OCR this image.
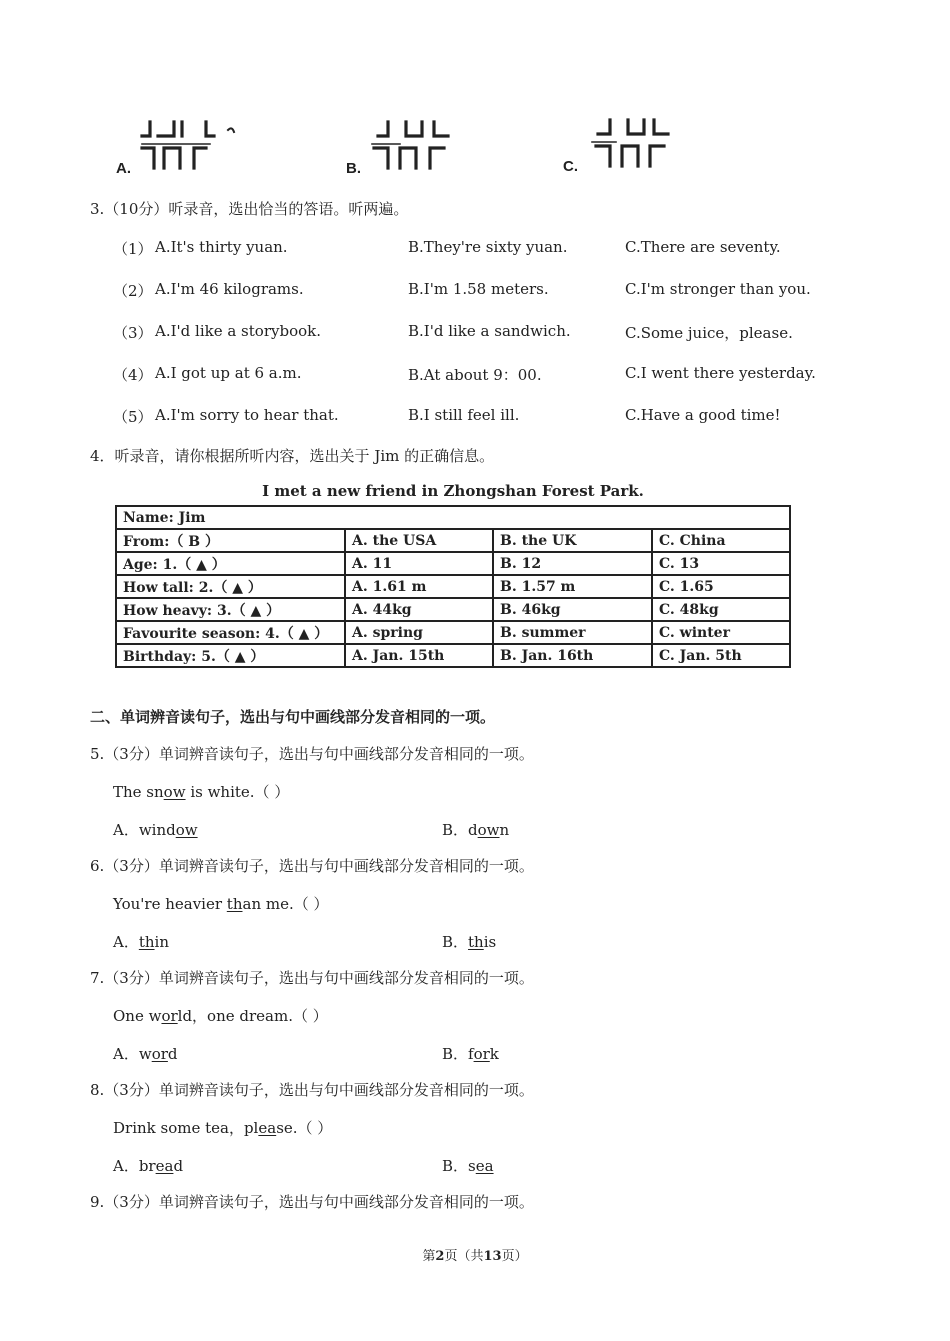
A.	B.	C.
3.（10分）听录音，选出恰当的答语。听两遍。
（1） A.It's thirty yuan.	B.They're sixty yuan.	C.There are seventy.
（2） A.I'm 46 kilograms.	B.I'm 1.58 meters.	C.I'm stronger than you.
（3） A.I'd like a storybook.	B.I'd like a sandwich.	C.Some juice，please.
（4） A.I got up at 6 a.m.	B.At about 9：00.	C.I went there yesterday.
（5） A.I'm sorry to hear that.	B.I still feel ill.	C.Have a good time!
4．听录音，请你根据所听内容，选出关于 Jim 的正确信息。
I met a new friend in Zhongshan Forest Park.
Name: Jim			
From:（ B ）	A. the USA	B. the UK	C. China
Age: 1.（ ▲ ）	A. 11	B. 12	C. 13
How tall: 2.（ ▲ ）	A. 1.61 m	B. 1.57 m	C. 1.65
How heavy: 3.（ ▲ ）	A. 44kg	B. 46kg	C. 48kg
Favourite season: 4.（ ▲ ）	A. spring	B. summer	C. winter
Birthday: 5.（ ▲ ）	A. Jan. 15th	B. Jan. 16th	C. Jan. 5th
二、单词辨音读句子，选出与句中画线部分发音相同的一项。
5.（3分）单词辨音读句子，选出与句中画线部分发音相同的一项。
The snow is white.（ ）
A．window	B．down
6.（3分）单词辨音读句子，选出与句中画线部分发音相同的一项。
You're heavier than me.（ ）
A．thin	B．this
7.（3分）单词辨音读句子，选出与句中画线部分发音相同的一项。
One world，one dream.（ ）
A．word	B．fork
8.（3分）单词辨音读句子，选出与句中画线部分发音相同的一项。
Drink some tea，please.（ ）
A．bread	B．sea
9.（3分）单词辨音读句子，选出与句中画线部分发音相同的一项。
第2页（共13页）
